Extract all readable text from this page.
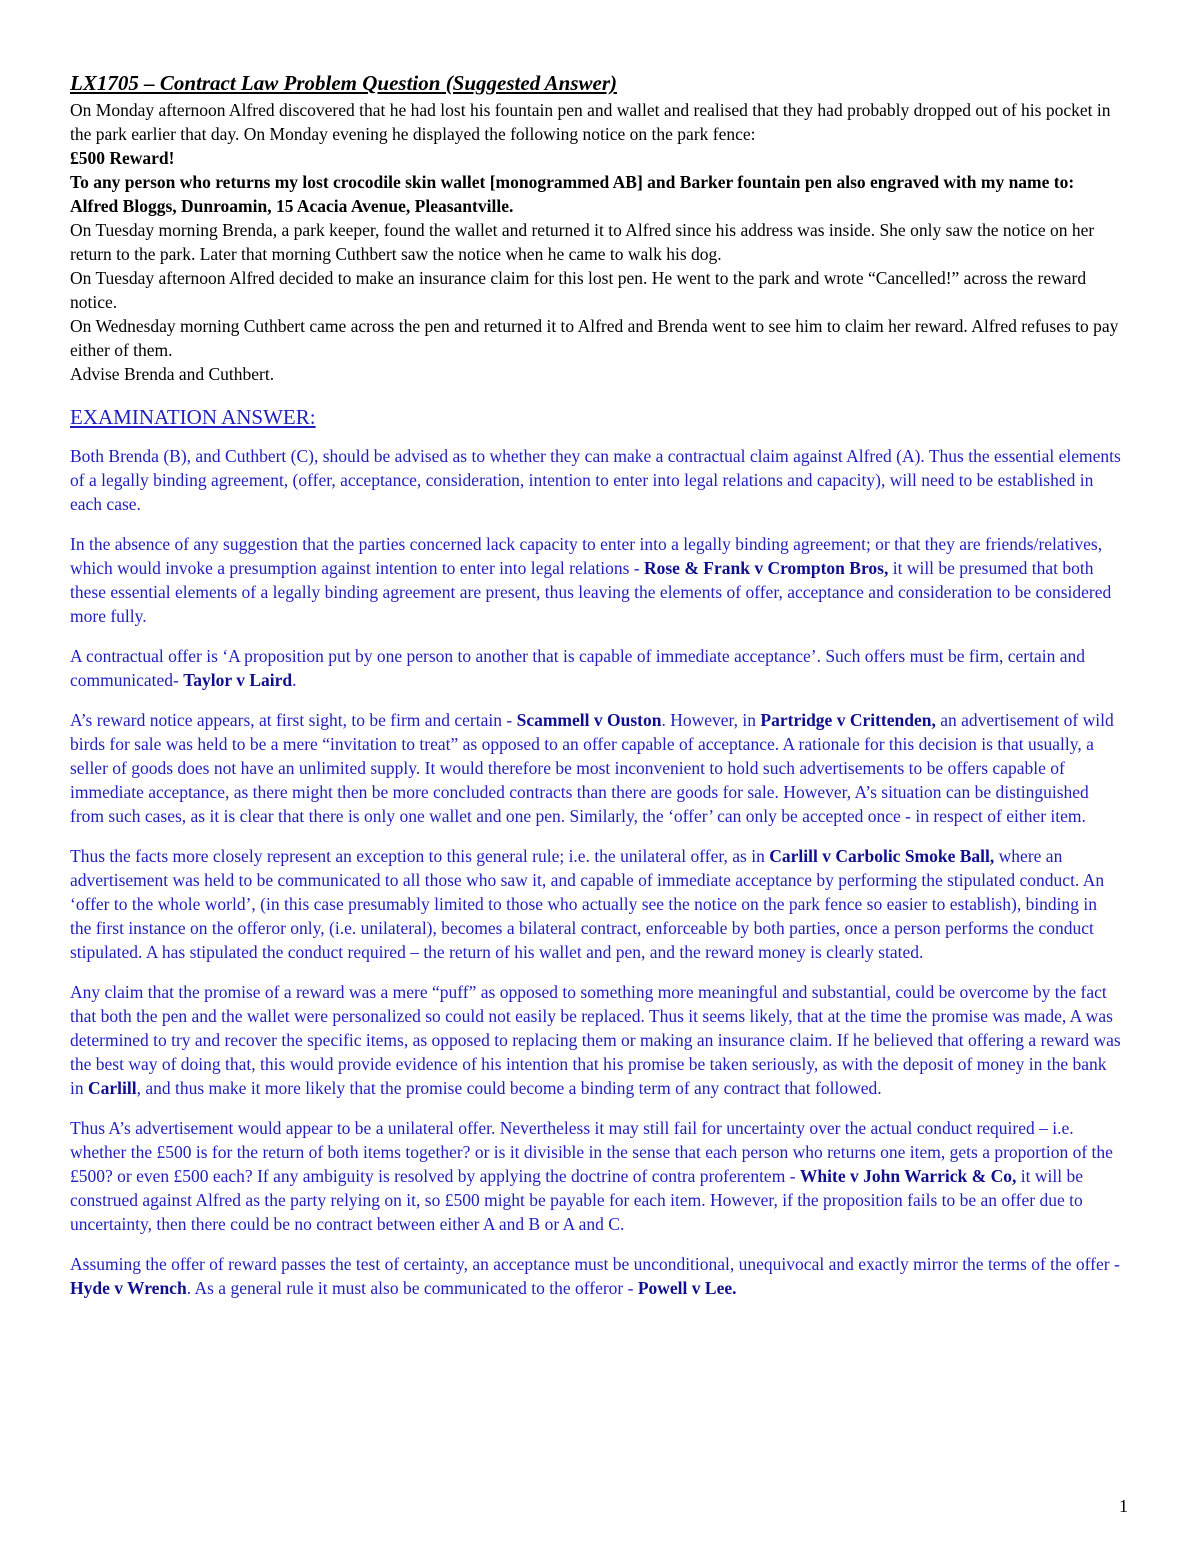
LX1705 – Contract Law Problem Question (Suggested Answer)

On Monday afternoon Alfred discovered that he had lost his fountain pen and wallet and realised that they had probably dropped out of his pocket in the park earlier that day. On Monday evening he displayed the following notice on the park fence:

£500 Reward!

To any person who returns my lost crocodile skin wallet [monogrammed AB] and Barker fountain pen also engraved with my name to: Alfred Bloggs, Dunroamin, 15 Acacia Avenue, Pleasantville.

On Tuesday morning Brenda, a park keeper, found the wallet and returned it to Alfred since his address was inside. She only saw the notice on her return to the park. Later that morning Cuthbert saw the notice when he came to walk his dog.

On Tuesday afternoon Alfred decided to make an insurance claim for this lost pen. He went to the park and wrote “Cancelled!” across the reward notice.

On Wednesday morning Cuthbert came across the pen and returned it to Alfred and Brenda went to see him to claim her reward. Alfred refuses to pay either of them.

Advise Brenda and Cuthbert.

EXAMINATION ANSWER:

Both Brenda (B), and Cuthbert (C), should be advised as to whether they can make a contractual claim against Alfred (A). Thus the essential elements of a legally binding agreement, (offer, acceptance, consideration, intention to enter into legal relations and capacity), will need to be established in each case.

In the absence of any suggestion that the parties concerned lack capacity to enter into a legally binding agreement; or that they are friends/relatives, which would invoke a presumption against intention to enter into legal relations - Rose & Frank v Crompton Bros, it will be presumed that both these essential elements of a legally binding agreement are present, thus leaving the elements of offer, acceptance and consideration to be considered more fully.

A contractual offer is ‘A proposition put by one person to another that is capable of immediate acceptance’. Such offers must be firm, certain and communicated- Taylor v Laird.

A’s reward notice appears, at first sight, to be firm and certain - Scammell v Ouston. However, in Partridge v Crittenden, an advertisement of wild birds for sale was held to be a mere “invitation to treat” as opposed to an offer capable of acceptance. A rationale for this decision is that usually, a seller of goods does not have an unlimited supply. It would therefore be most inconvenient to hold such advertisements to be offers capable of immediate acceptance, as there might then be more concluded contracts than there are goods for sale. However, A’s situation can be distinguished from such cases, as it is clear that there is only one wallet and one pen. Similarly, the ‘offer’ can only be accepted once - in respect of either item.

Thus the facts more closely represent an exception to this general rule; i.e. the unilateral offer, as in Carlill v Carbolic Smoke Ball, where an advertisement was held to be communicated to all those who saw it, and capable of immediate acceptance by performing the stipulated conduct. An ‘offer to the whole world’, (in this case presumably limited to those who actually see the notice on the park fence so easier to establish), binding in the first instance on the offeror only, (i.e. unilateral), becomes a bilateral contract, enforceable by both parties, once a person performs the conduct stipulated. A has stipulated the conduct required – the return of his wallet and pen, and the reward money is clearly stated.

Any claim that the promise of a reward was a mere “puff” as opposed to something more meaningful and substantial, could be overcome by the fact that both the pen and the wallet were personalized so could not easily be replaced. Thus it seems likely, that at the time the promise was made, A was determined to try and recover the specific items, as opposed to replacing them or making an insurance claim. If he believed that offering a reward was the best way of doing that, this would provide evidence of his intention that his promise be taken seriously, as with the deposit of money in the bank in Carlill, and thus make it more likely that the promise could become a binding term of any contract that followed.

Thus A’s advertisement would appear to be a unilateral offer. Nevertheless it may still fail for uncertainty over the actual conduct required – i.e. whether the £500 is for the return of both items together? or is it divisible in the sense that each person who returns one item, gets a proportion of the £500? or even £500 each? If any ambiguity is resolved by applying the doctrine of contra proferentem - White v John Warrick & Co, it will be construed against Alfred as the party relying on it, so £500 might be payable for each item. However, if the proposition fails to be an offer due to uncertainty, then there could be no contract between either A and B or A and C.

Assuming the offer of reward passes the test of certainty, an acceptance must be unconditional, unequivocal and exactly mirror the terms of the offer - Hyde v Wrench. As a general rule it must also be communicated to the offeror - Powell v Lee.

1
